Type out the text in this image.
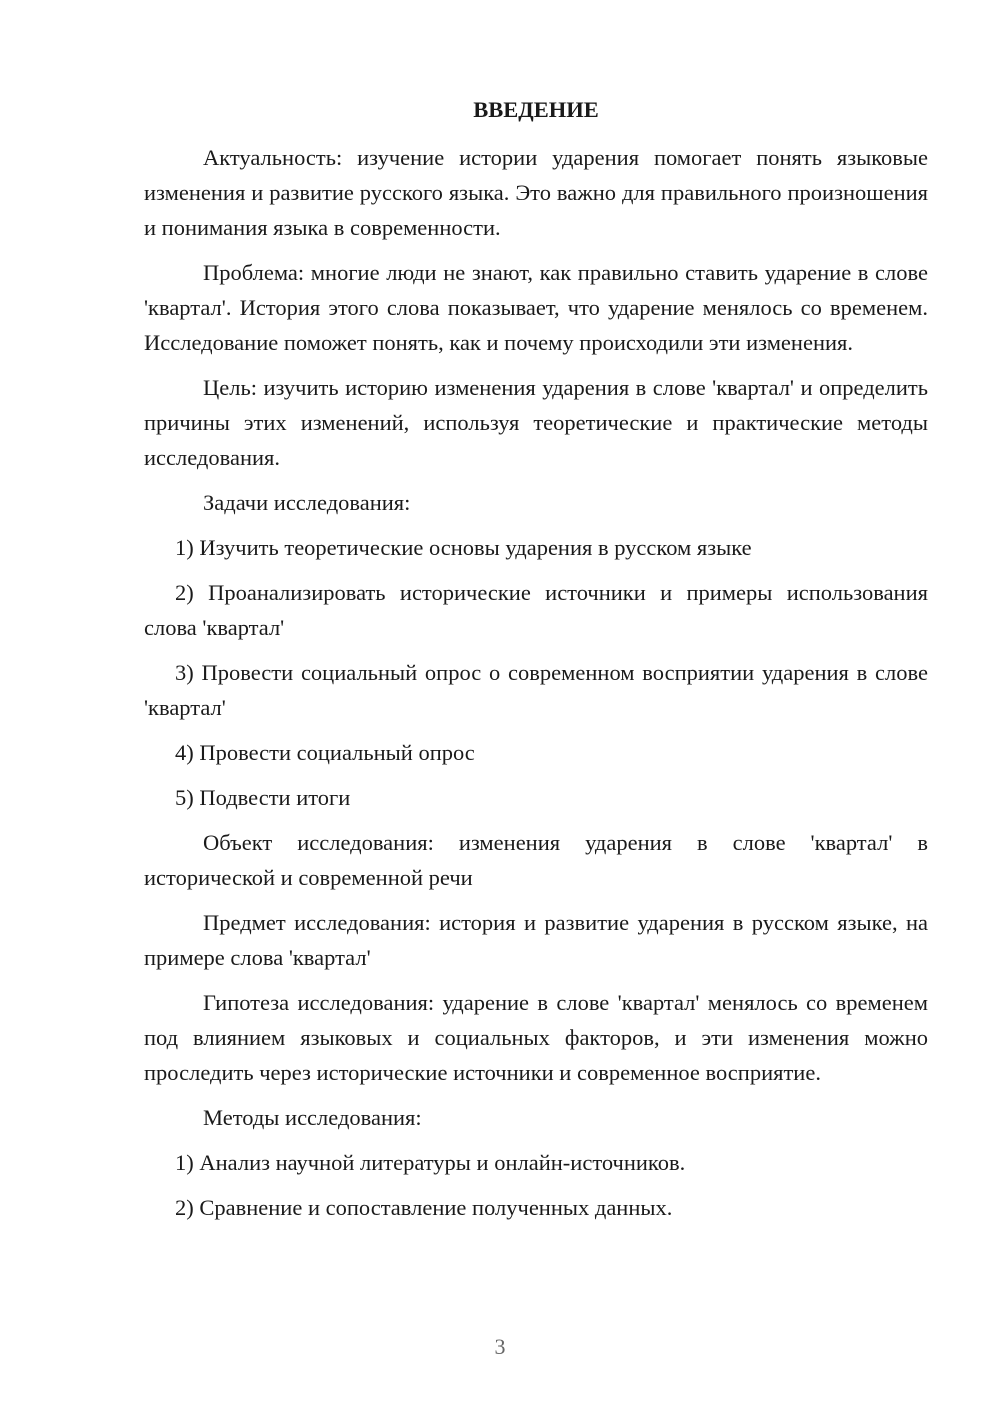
ВВЕДЕНИЕ

Актуальность: изучение истории ударения помогает понять языковые изменения и развитие русского языка. Это важно для правильного произношения и понимания языка в современности.

Проблема: многие люди не знают, как правильно ставить ударение в слове 'квартал'. История этого слова показывает, что ударение менялось со временем. Исследование поможет понять, как и почему происходили эти изменения.

Цель: изучить историю изменения ударения в слове 'квартал' и определить причины этих изменений, используя теоретические и практические методы исследования.

Задачи исследования:

1) Изучить теоретические основы ударения в русском языке

2) Проанализировать исторические источники и примеры использования слова 'квартал'

3) Провести социальный опрос о современном восприятии ударения в слове 'квартал'

4) Провести социальный опрос

5) Подвести итоги

Объект исследования: изменения ударения в слове 'квартал' в исторической и современной речи

Предмет исследования: история и развитие ударения в русском языке, на примере слова 'квартал'

Гипотеза исследования: ударение в слове 'квартал' менялось со временем под влиянием языковых и социальных факторов, и эти изменения можно проследить через исторические источники и современное восприятие.

Методы исследования:

1) Анализ научной литературы и онлайн-источников.

2) Сравнение и сопоставление полученных данных.

3
